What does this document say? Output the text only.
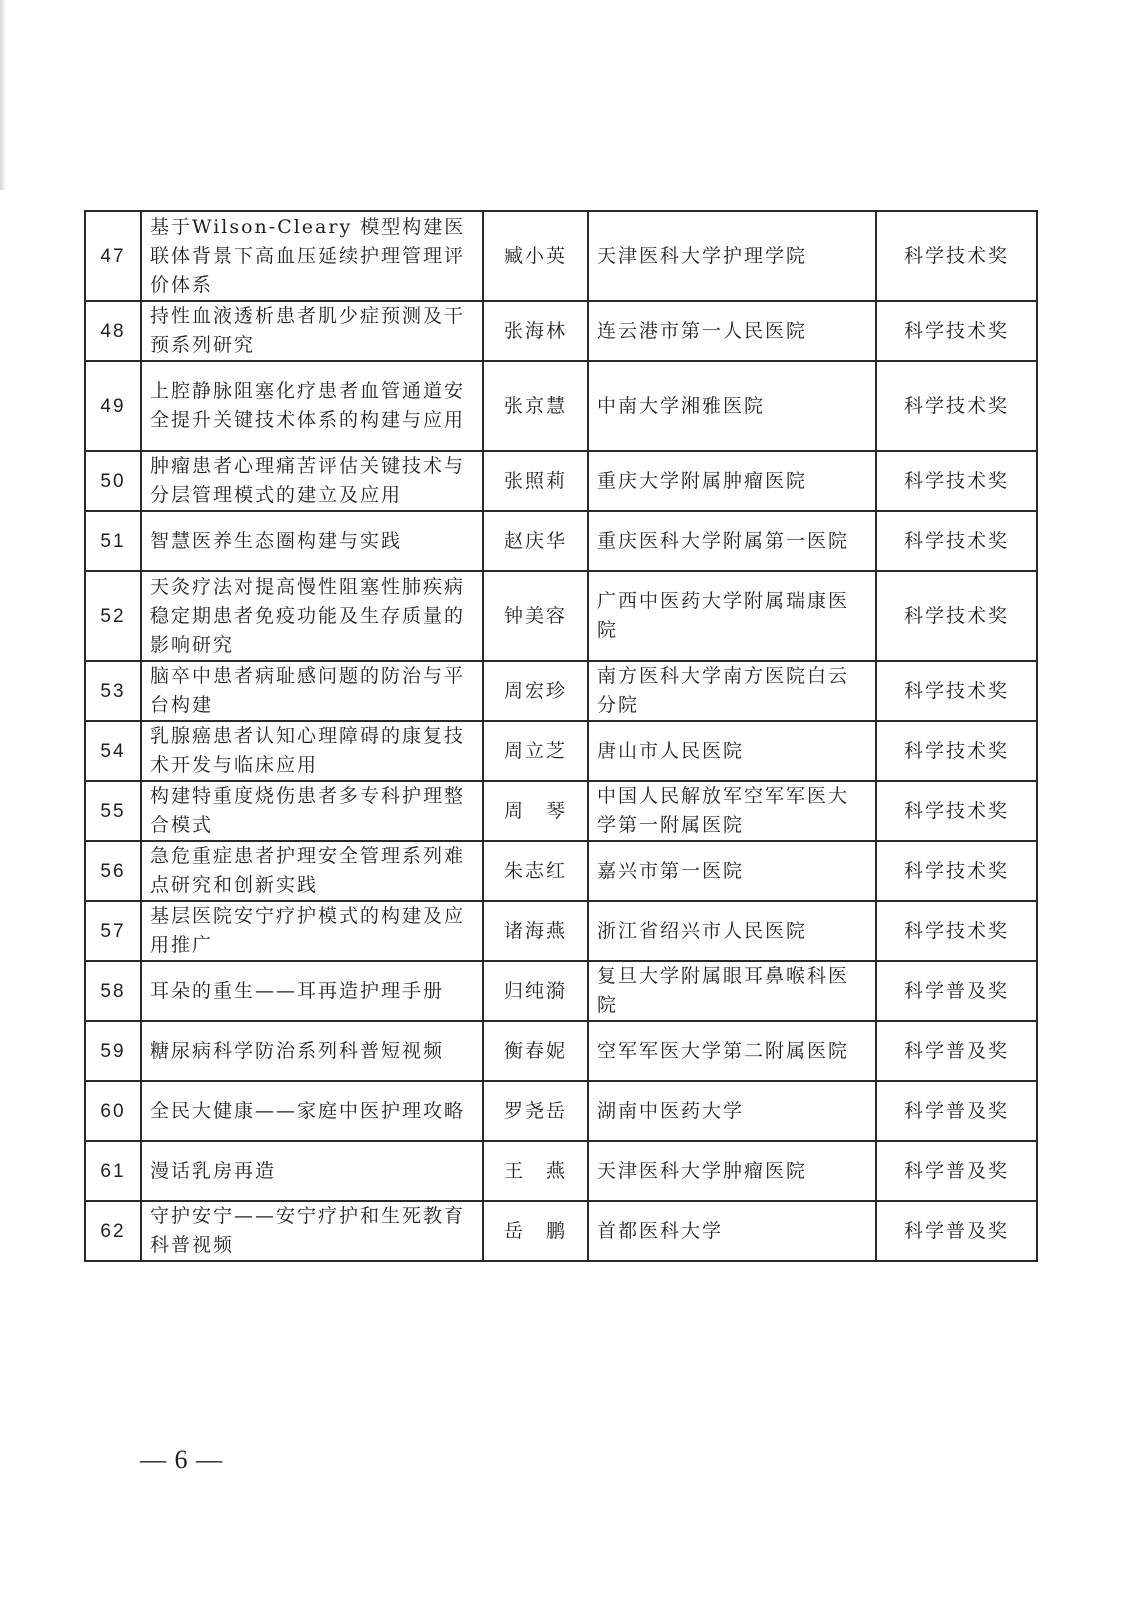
47	基于Wilson-Cleary 模型构建医联体背景下高血压延续护理管理评价体系	臧小英	天津医科大学护理学院	科学技术奖
48	持性血液透析患者肌少症预测及干预系列研究	张海林	连云港市第一人民医院	科学技术奖
49	上腔静脉阻塞化疗患者血管通道安全提升关键技术体系的构建与应用	张京慧	中南大学湘雅医院	科学技术奖
50	肿瘤患者心理痛苦评估关键技术与分层管理模式的建立及应用	张照莉	重庆大学附属肿瘤医院	科学技术奖
51	智慧医养生态圈构建与实践	赵庆华	重庆医科大学附属第一医院	科学技术奖
52	天灸疗法对提高慢性阻塞性肺疾病稳定期患者免疫功能及生存质量的影响研究	钟美容	广西中医药大学附属瑞康医院	科学技术奖
53	脑卒中患者病耻感问题的防治与平台构建	周宏珍	南方医科大学南方医院白云分院	科学技术奖
54	乳腺癌患者认知心理障碍的康复技术开发与临床应用	周立芝	唐山市人民医院	科学技术奖
55	构建特重度烧伤患者多专科护理整合模式	周　琴	中国人民解放军空军军医大学第一附属医院	科学技术奖
56	急危重症患者护理安全管理系列难点研究和创新实践	朱志红	嘉兴市第一医院	科学技术奖
57	基层医院安宁疗护模式的构建及应用推广	诸海燕	浙江省绍兴市人民医院	科学技术奖
58	耳朵的重生——耳再造护理手册	归纯漪	复旦大学附属眼耳鼻喉科医院	科学普及奖
59	糖尿病科学防治系列科普短视频	衡春妮	空军军医大学第二附属医院	科学普及奖
60	全民大健康——家庭中医护理攻略	罗尧岳	湖南中医药大学	科学普及奖
61	漫话乳房再造	王　燕	天津医科大学肿瘤医院	科学普及奖
62	守护安宁——安宁疗护和生死教育科普视频	岳　鹏	首都医科大学	科学普及奖
— 6 —
